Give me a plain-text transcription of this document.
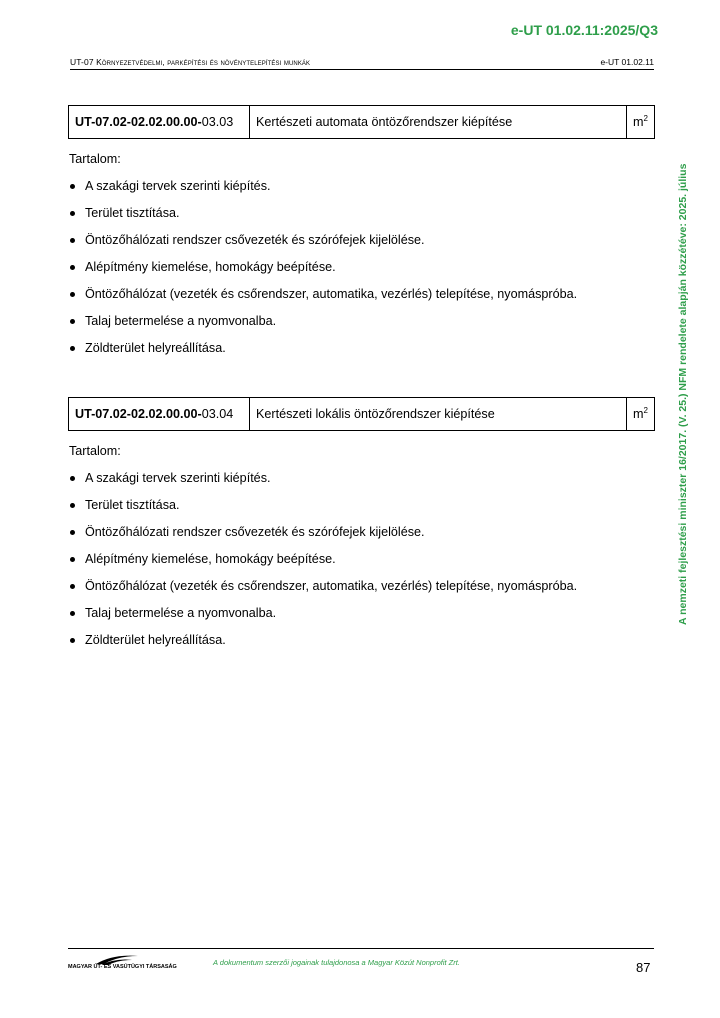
e-UT 01.02.11:2025/Q3
UT-07 Környezetvédelmi, parképítési és növénytelepítési munkák	e-UT 01.02.11
A nemzeti fejlesztési miniszter 16/2017. (V. 25.) NFM rendelete alapján közzétéve: 2025. július
UT-07.02-02.02.00.00-03.03	Kertészeti automata öntözőrendszer kiépítése	$m^2$
Tartalom:
A szakági tervek szerinti kiépítés.
Terület tisztítása.
Öntözőhálózati rendszer csővezeték és szórófejek kijelölése.
Alépítmény kiemelése, homokágy beépítése.
Öntözőhálózat (vezeték és csőrendszer, automatika, vezérlés) telepítése, nyomáspróba.
Talaj betermelése a nyomvonalba.
Zöldterület helyreállítása.
UT-07.02-02.02.00.00-03.04	Kertészeti lokális öntözőrendszer kiépítése	$m^2$
Tartalom:
A szakági tervek szerinti kiépítés.
Terület tisztítása.
Öntözőhálózati rendszer csővezeték és szórófejek kijelölése.
Alépítmény kiemelése, homokágy beépítése.
Öntözőhálózat (vezeték és csőrendszer, automatika, vezérlés) telepítése, nyomáspróba.
Talaj betermelése a nyomvonalba.
Zöldterület helyreállítása.
MAGYAR ÚT- ÉS VASÚTÜGYI TÁRSASÁG	A dokumentum szerzői jogainak tulajdonosa a Magyar Közút Nonprofit Zrt.	87
